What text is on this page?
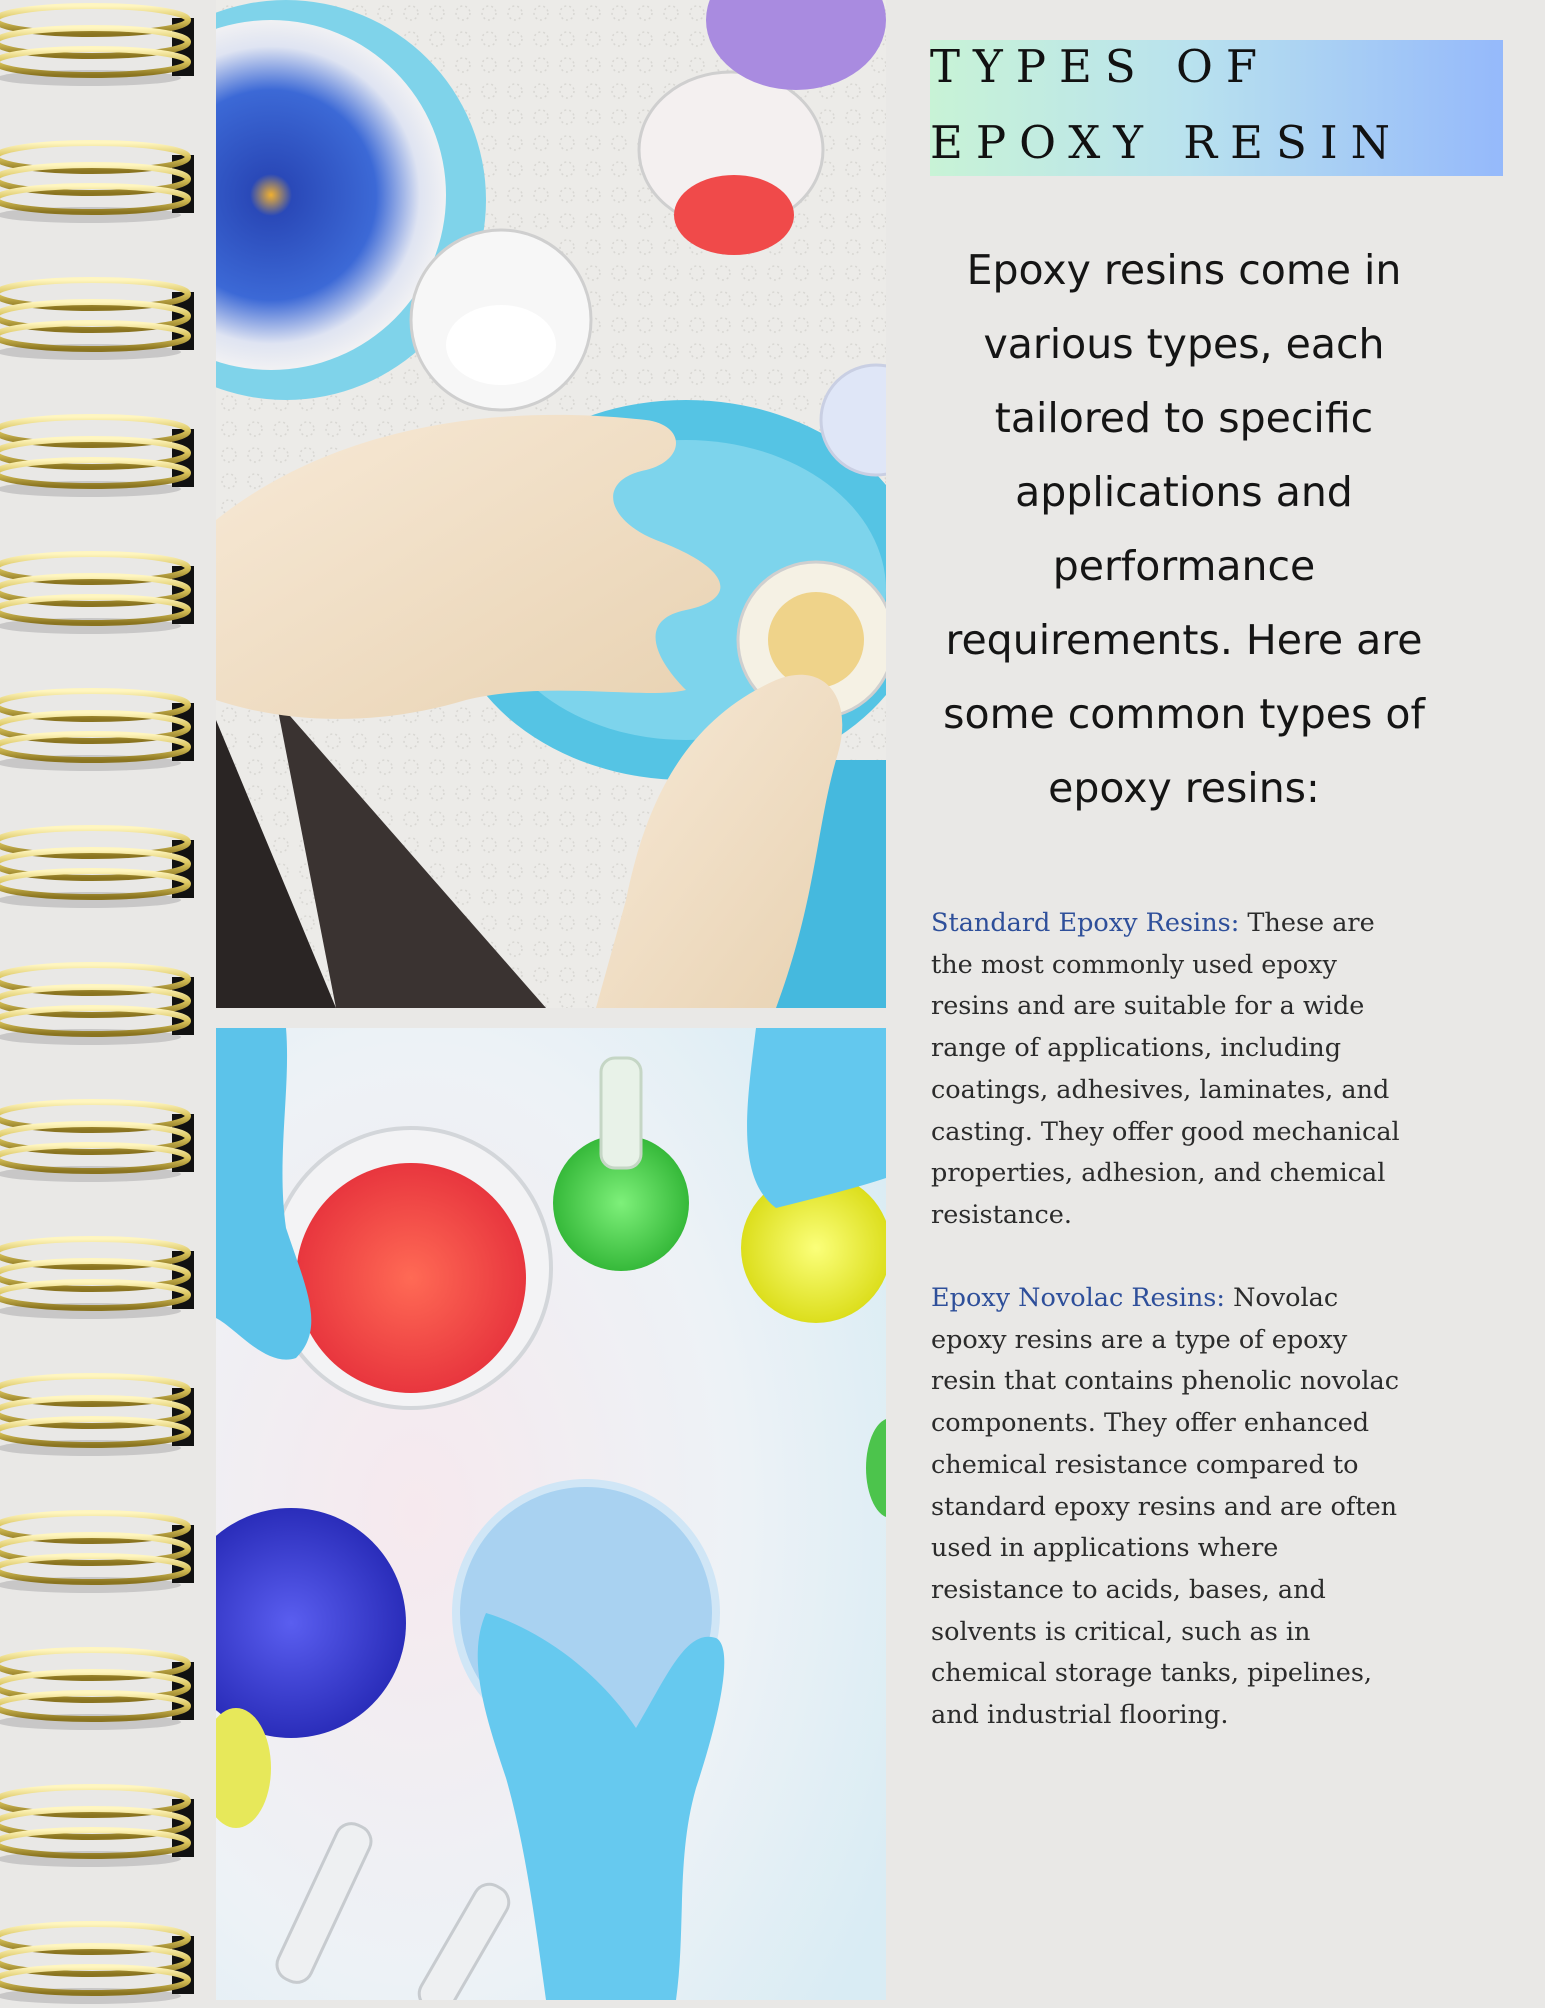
TYPES OF
EPOXY RESIN

Epoxy resins come in various types, each tailored to specific applications and performance requirements. Here are some common types of epoxy resins:

Standard Epoxy Resins: These are the most commonly used epoxy resins and are suitable for a wide range of applications, including coatings, adhesives, laminates, and casting. They offer good mechanical properties, adhesion, and chemical resistance.

Epoxy Novolac Resins: Novolac epoxy resins are a type of epoxy resin that contains phenolic novolac components. They offer enhanced chemical resistance compared to standard epoxy resins and are often used in applications where resistance to acids, bases, and solvents is critical, such as in chemical storage tanks, pipelines, and industrial flooring.
